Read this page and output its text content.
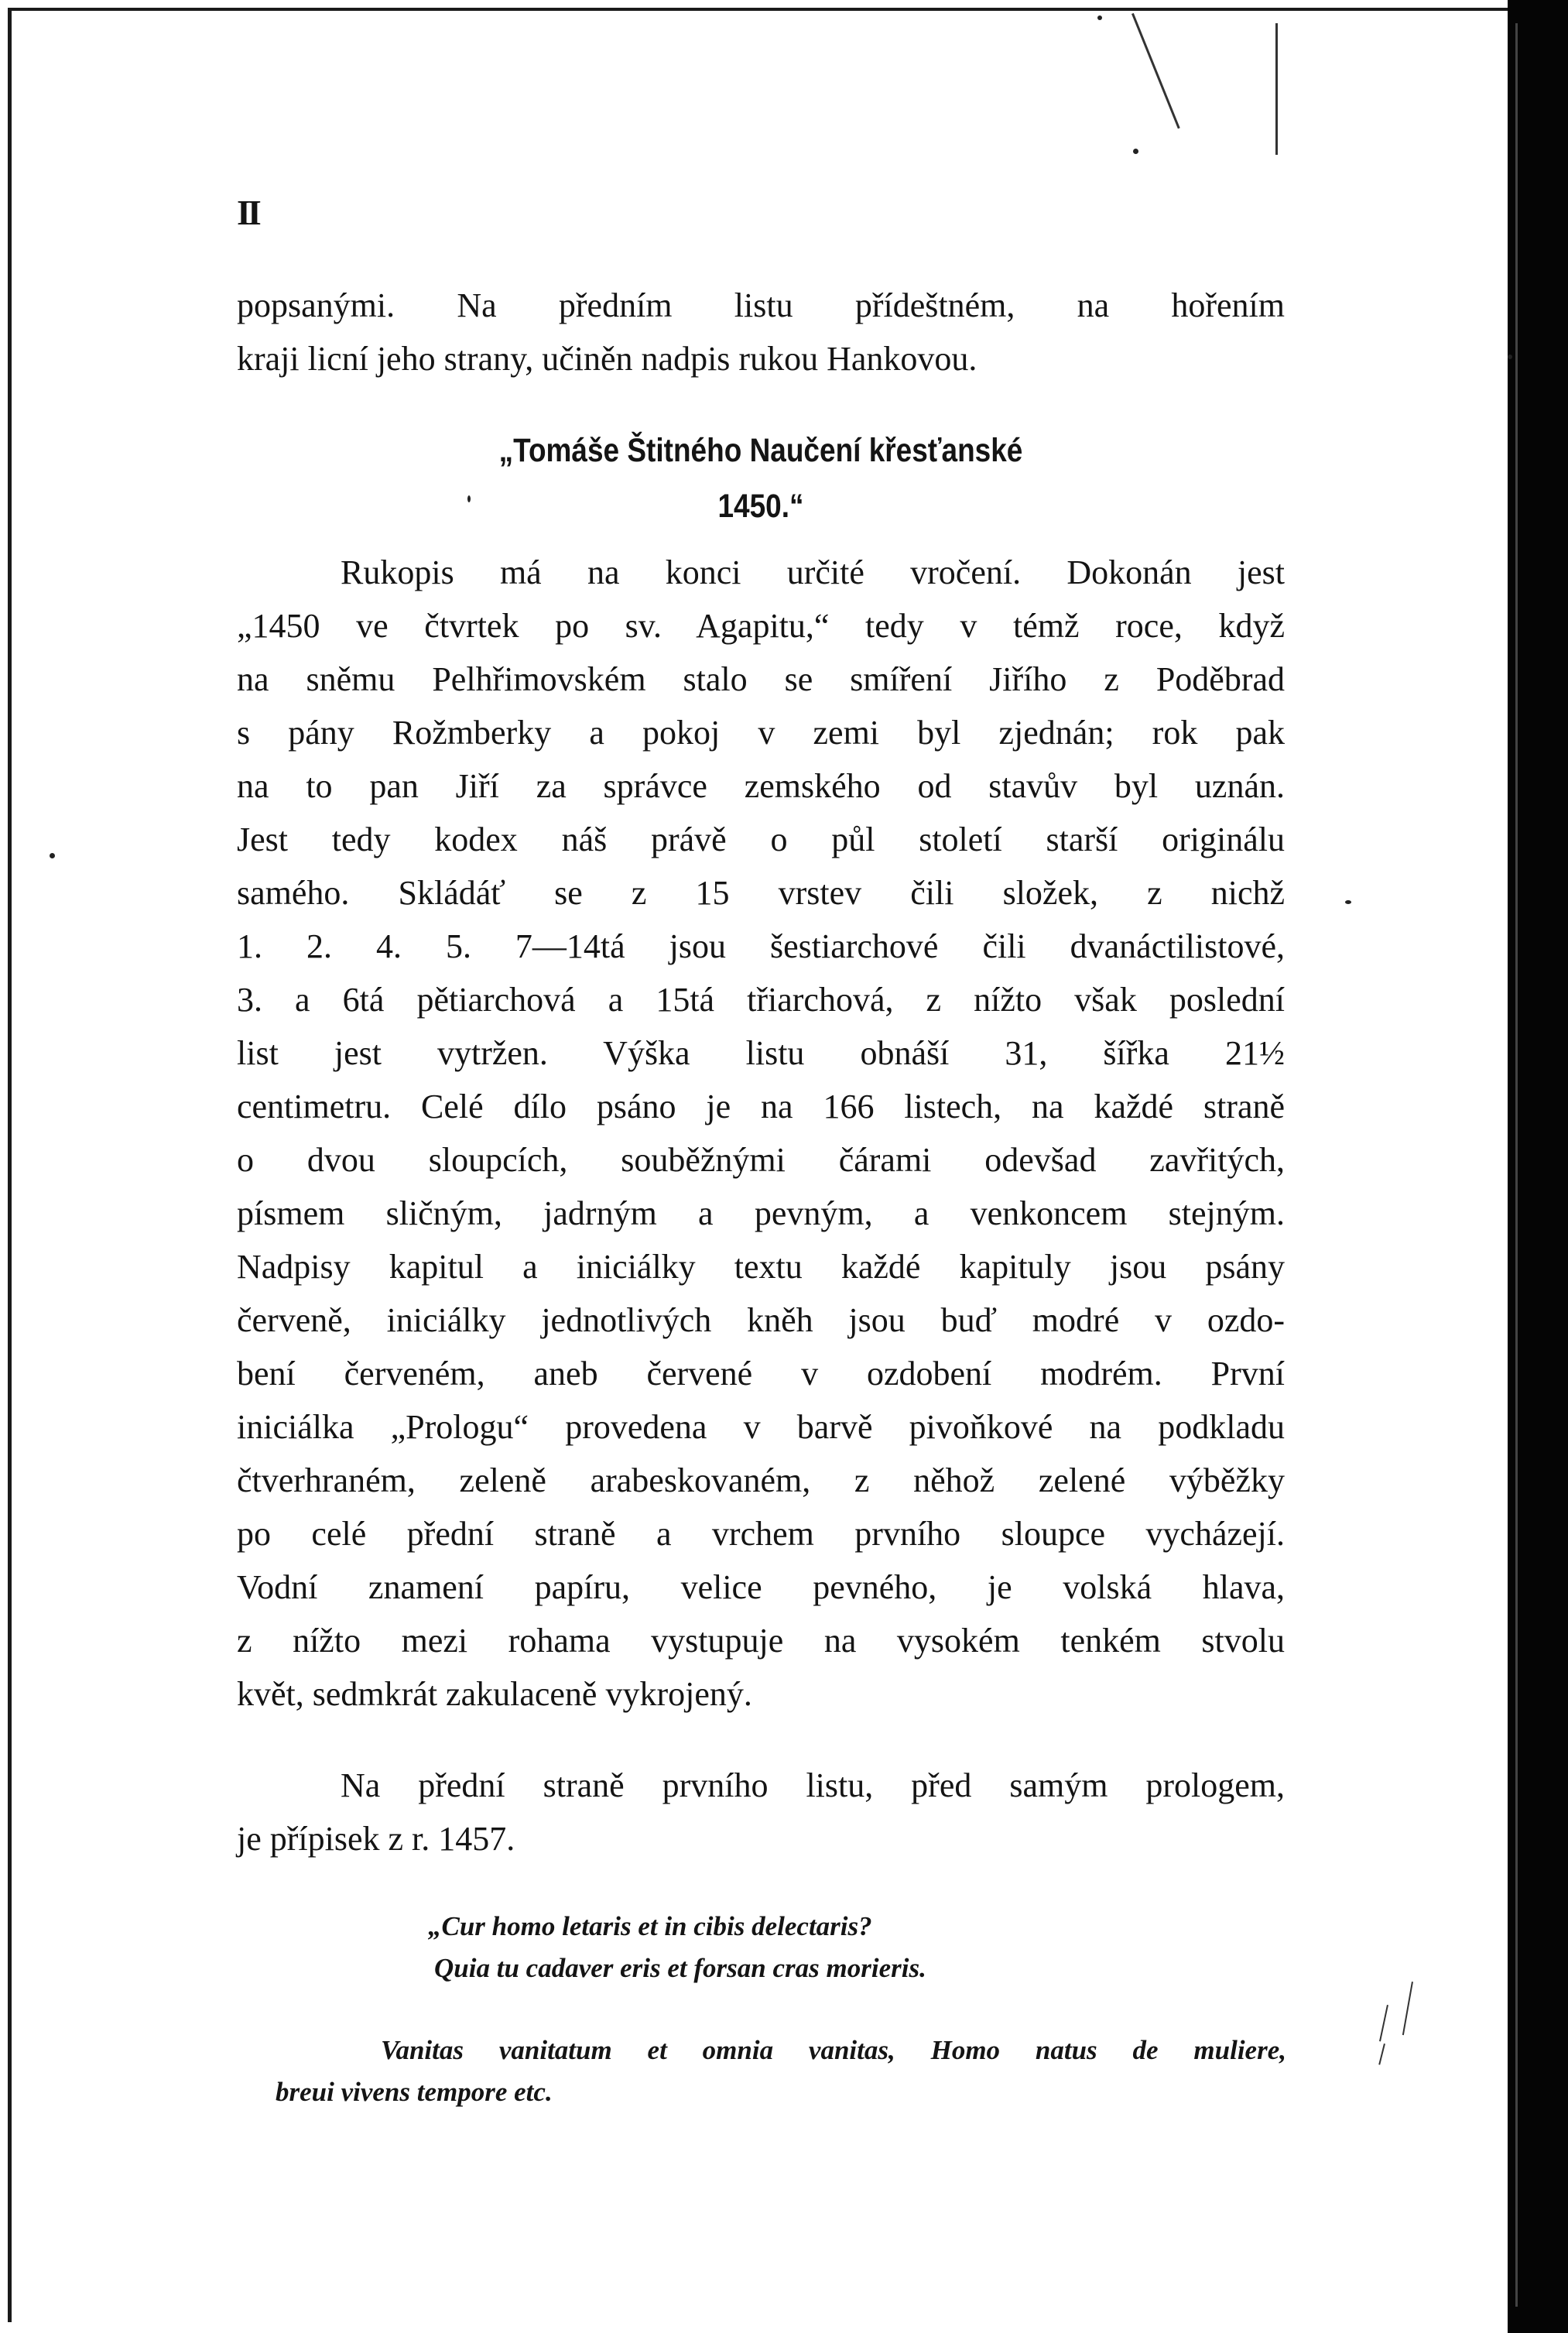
II
popsanými. Na předním listu přídeštném, na hořením
kraji licní jeho strany, učiněn nadpis rukou Hankovou.
„Tomáše Štitného Naučení křesťanské
1450.“
Rukopis má na konci určité vročení. Dokonán jest
„1450 ve čtvrtek po sv. Agapitu,“ tedy v témž roce, když
na sněmu Pelhřimovském stalo se smíření Jiřího z Poděbrad
s pány Rožmberky a pokoj v zemi byl zjednán; rok pak
na to pan Jiří za správce zemského od stavův byl uznán.
Jest tedy kodex náš právě o půl století starší originálu
samého. Skládáť se z 15 vrstev čili složek, z nichž
1. 2. 4. 5. 7—14tá jsou šestiarchové čili dvanáctilistové,
3. a 6tá pětiarchová a 15tá třiarchová, z nížto však poslední
list jest vytržen. Výška listu obnáší 31, šířka 21½
centimetru. Celé dílo psáno je na 166 listech, na každé straně
o dvou sloupcích, souběžnými čárami odevšad zavřitých,
písmem sličným, jadrným a pevným, a venkoncem stejným.
Nadpisy kapitul a iniciálky textu každé kapituly jsou psány
červeně, iniciálky jednotlivých kněh jsou buď modré v ozdo-
bení červeném, aneb červené v ozdobení modrém. První
iniciálka „Prologu“ provedena v barvě pivoňkové na podkladu
čtverhraném, zeleně arabeskovaném, z něhož zelené výběžky
po celé přední straně a vrchem prvního sloupce vycházejí.
Vodní znamení papíru, velice pevného, je volská hlava,
z nížto mezi rohama vystupuje na vysokém tenkém stvolu
květ, sedmkrát zakulaceně vykrojený.
Na přední straně prvního listu, před samým prologem,
je přípisek z r. 1457.
„Cur homo letaris et in cibis delectaris?
Quia tu cadaver eris et forsan cras morieris.
Vanitas vanitatum et omnia vanitas, Homo natus de muliere,
breui vivens tempore etc.
